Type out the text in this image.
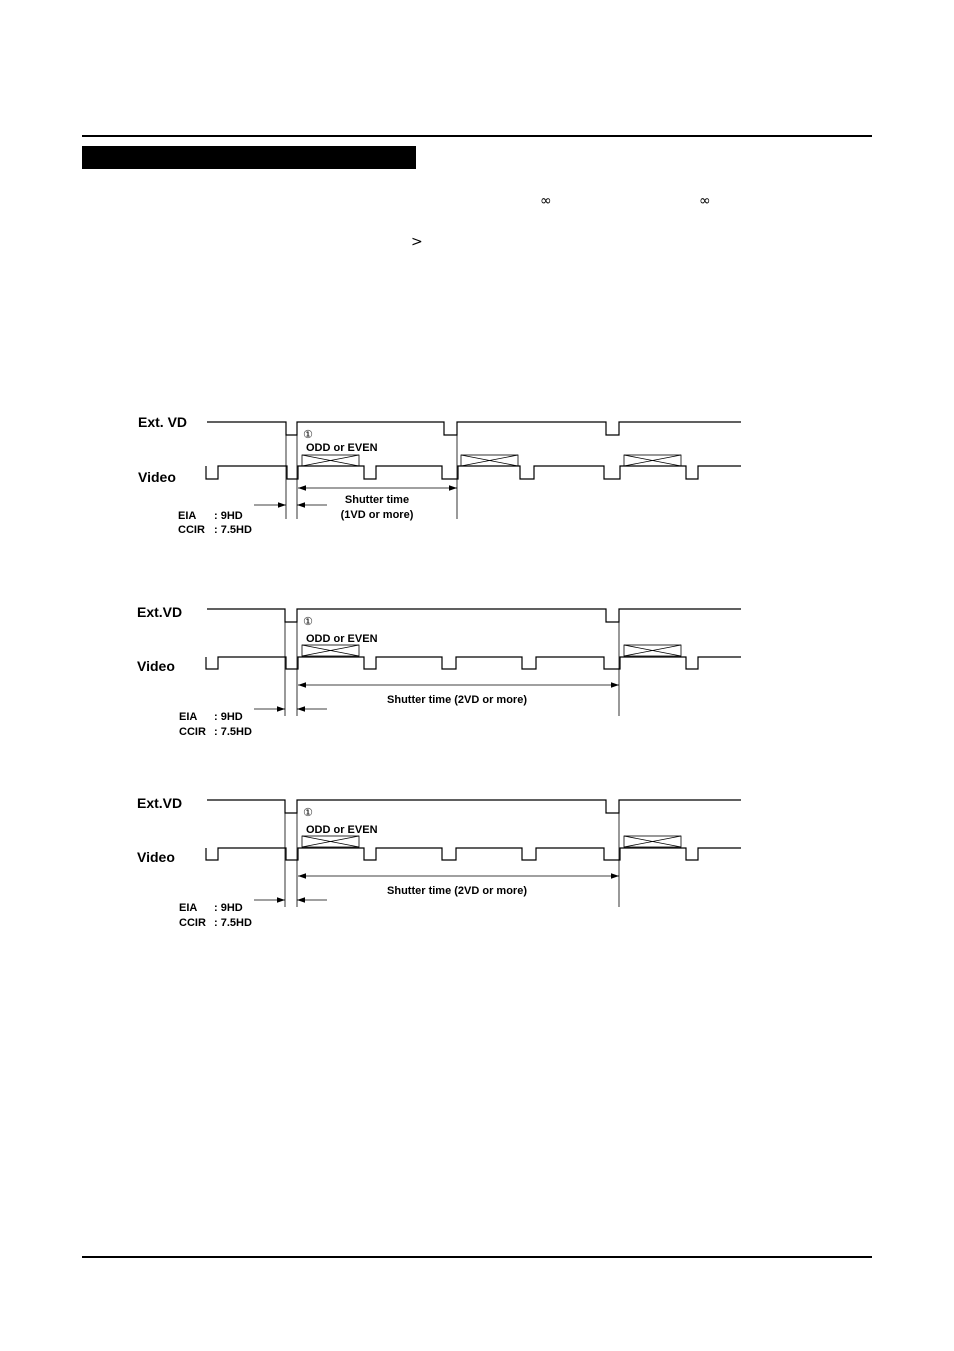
∞	∞
>
Ext. VD
Video
①
ODD or EVEN
Shutter time
(1VD or more)
EIA : 9HD
CCIR : 7.5HD
Ext.VD
Video
①
ODD or EVEN
Shutter time (2VD or more)
EIA : 9HD
CCIR : 7.5HD
Ext.VD
Video
①
ODD or EVEN
Shutter time (2VD or more)
EIA : 9HD
CCIR : 7.5HD
